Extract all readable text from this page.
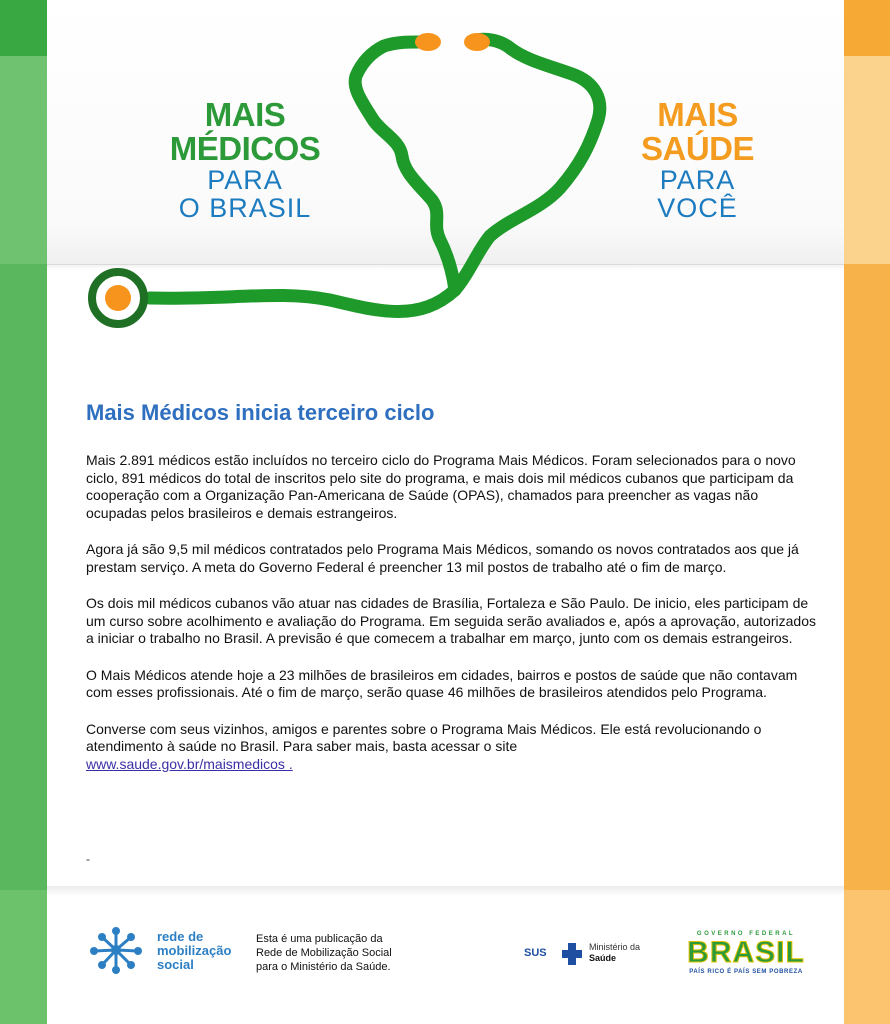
MAIS
MÉDICOS
PARA
O BRASIL
MAIS
SAÚDE
PARA
VOCÊ
Mais Médicos inicia terceiro ciclo

Mais 2.891 médicos estão incluídos no terceiro ciclo do Programa Mais Médicos. Foram selecionados para o novo ciclo, 891 médicos do total de inscritos pelo site do programa, e mais dois mil médicos cubanos que participam da cooperação com a Organização Pan-Americana de Saúde (OPAS), chamados para preencher as vagas não ocupadas pelos brasileiros e demais estrangeiros.

Agora já são 9,5 mil médicos contratados pelo Programa Mais Médicos, somando os novos contratados aos que já prestam serviço. A meta do Governo Federal é preencher 13 mil postos de trabalho até o fim de março.

Os dois mil médicos cubanos vão atuar nas cidades de Brasília, Fortaleza e São Paulo. De inicio, eles participam de um curso sobre acolhimento e avaliação do Programa. Em seguida serão avaliados e, após a aprovação, autorizados a iniciar o trabalho no Brasil. A previsão é que comecem a trabalhar em março, junto com os demais estrangeiros.

O Mais Médicos atende hoje a 23 milhões de brasileiros em cidades, bairros e postos de saúde que não contavam com esses profissionais. Até o fim de março, serão quase 46 milhões de brasileiros atendidos pelo Programa.

Converse com seus vizinhos, amigos e parentes sobre o Programa Mais Médicos. Ele está revolucionando o atendimento à saúde no Brasil. Para saber mais, basta acessar o site
www.saude.gov.br/maismedicos .

-
rede de
mobilização
social
Esta é uma publicação da
Rede de Mobilização Social
para o Ministério da Saúde.
SUS	Ministério da
Saúde
GOVERNO FEDERAL
BRASIL
PAÍS RICO É PAÍS SEM POBREZA
